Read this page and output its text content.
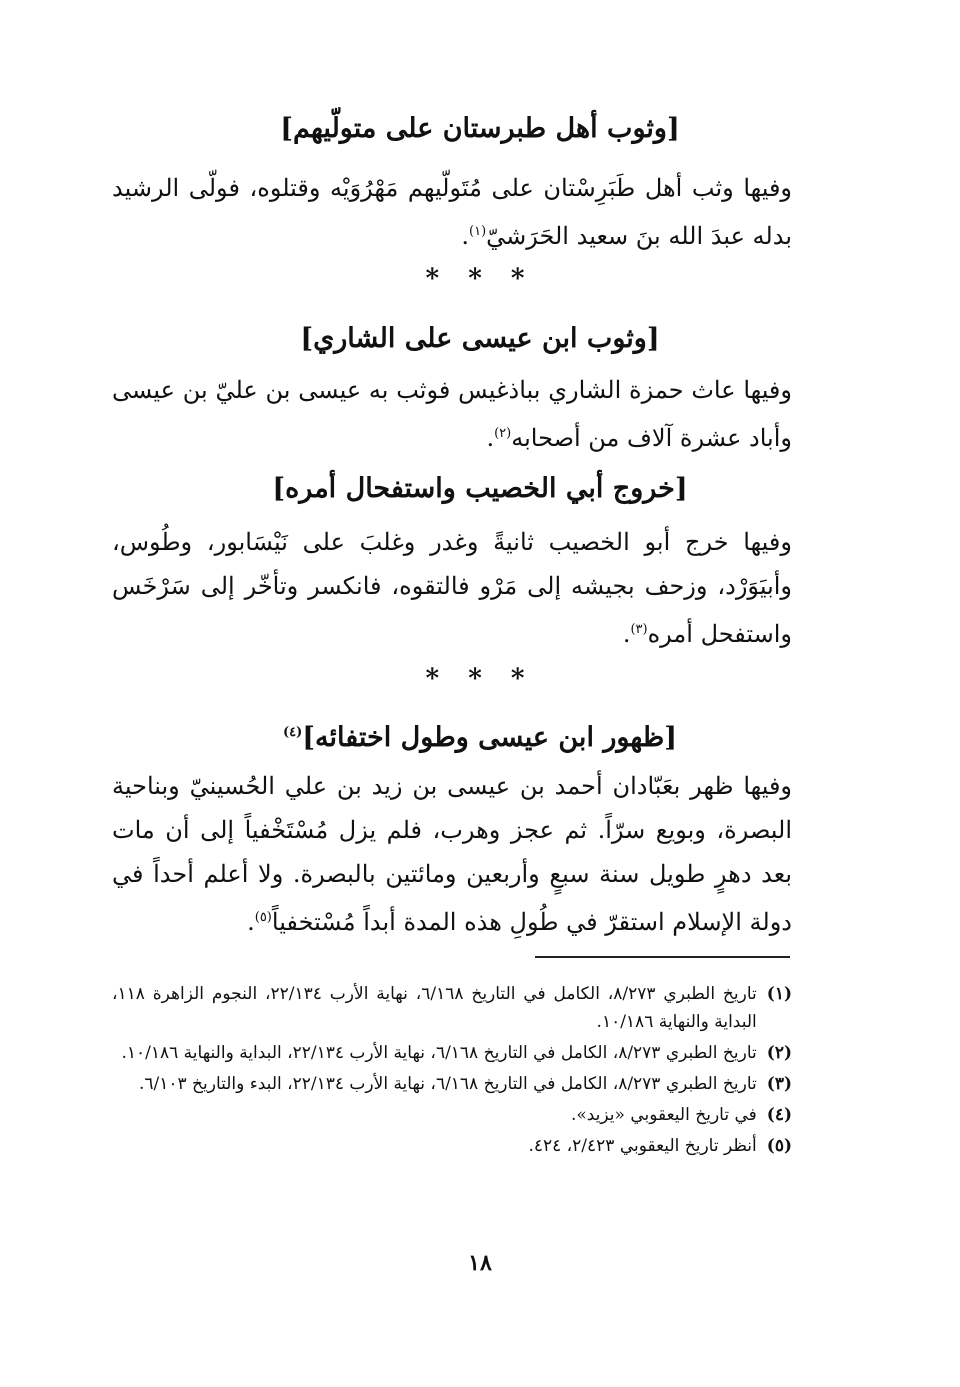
[وثوب أهل طبرستان على متولّيهم]
وفيها وثب أهل طَبَرِسْتان على مُتَولّيهم مَهْرُوَيْه وقتلوه، فولّى الرشيد بدله عبدَ الله بنَ سعيد الحَرَشيّ$^{(١)}$.
* * *
[وثوب ابن عيسى على الشاري]
وفيها عاث حمزة الشاري بباذغيس فوثب به عيسى بن عليّ بن عيسى وأباد عشرة آلاف من أصحابه$^{(٢)}$.
[خروج أبي الخصيب واستفحال أمره]
وفيها خرج أبو الخصيب ثانيةً وغدر وغلبَ على نَيْسَابور، وطُوس، وأبيَوَرْد، وزحف بجيشه إلى مَرْو فالتقوه، فانكسر وتأخّر إلى سَرْخَس واستفحل أمره$^{(٣)}$.
* * *
[ظهور ابن عيسى وطول اختفائه]$^{(٤)}$
وفيها ظهر بعَبّادان أحمد بن عيسى بن زيد بن علي الحُسينيّ وبناحية البصرة، وبويع سرّاً. ثم عجز وهرب، فلم يزل مُسْتَخْفياً إلى أن مات بعد دهرٍ طويل سنة سبعٍ وأربعين ومائتين بالبصرة. ولا أعلم أحداً في دولة الإسلام استقرّ في طُولِ هذه المدة أبداً مُسْتخفياً$^{(٥)}$.
(١)
تاريخ الطبري ٨/٢٧٣، الكامل في التاريخ ٦/١٦٨، نهاية الأرب ٢٢/١٣٤، النجوم الزاهرة ١١٨، البداية والنهاية ١٠/١٨٦.
(٢)
تاريخ الطبري ٨/٢٧٣، الكامل في التاريخ ٦/١٦٨، نهاية الأرب ٢٢/١٣٤، البداية والنهاية ١٠/١٨٦.
(٣)
تاريخ الطبري ٨/٢٧٣، الكامل في التاريخ ٦/١٦٨، نهاية الأرب ٢٢/١٣٤، البدء والتاريخ ٦/١٠٣.
(٤)
في تاريخ اليعقوبي «يزيد».
(٥)
أنظر تاريخ اليعقوبي ٢/٤٢٣، ٤٢٤.
١٨
